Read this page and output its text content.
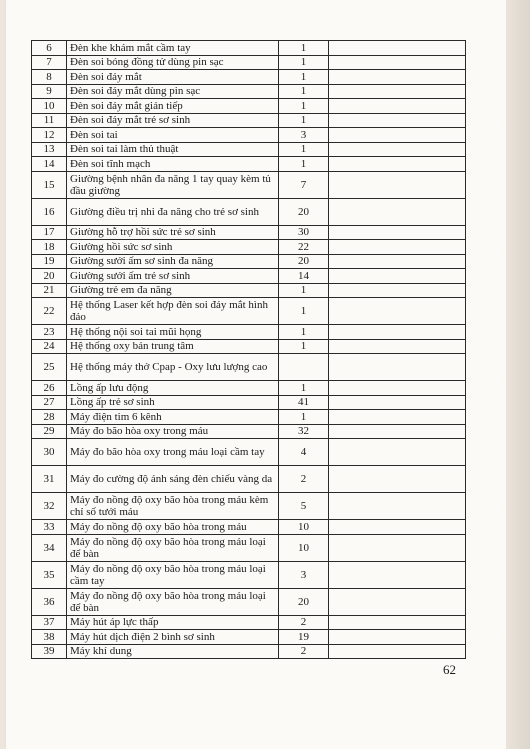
6	Đèn khe khám mắt cầm tay	1	
7	Đèn soi bóng đồng tử dùng pin sạc	1	
8	Đèn soi đáy mắt	1	
9	Đèn soi đáy mắt dùng pin sạc	1	
10	Đèn soi đáy mắt gián tiếp	1	
11	Đèn soi đáy mắt trẻ sơ sinh	1	
12	Đèn soi tai	3	
13	Đèn soi tai làm thủ thuật	1	
14	Đèn soi tĩnh mạch	1	
15	Giường bệnh nhân đa năng 1 tay quay kèm tủ đầu giường	7	
16	Giường điều trị nhi đa năng cho trẻ sơ sinh	20	
17	Giường hỗ trợ hồi sức trẻ sơ sinh	30	
18	Giường hồi sức sơ sinh	22	
19	Giường sưởi ấm sơ sinh đa năng	20	
20	Giường sưởi ấm trẻ sơ sinh	14	
21	Giường trẻ em đa năng	1	
22	Hệ thống Laser kết hợp đèn soi đáy mắt hình đảo	1	
23	Hệ thống nội soi tai mũi họng	1	
24	Hệ thống oxy bán trung tâm	1	
25	Hệ thống máy thở Cpap - Oxy lưu lượng cao		
26	Lồng ấp lưu động	1	
27	Lồng ấp trẻ sơ sinh	41	
28	Máy điện tim 6 kênh	1	
29	Máy đo bão hòa oxy trong máu	32	
30	Máy đo bão hòa oxy trong máu loại cầm tay	4	
31	Máy đo cường độ ánh sáng đèn chiếu vàng da	2	
32	Máy đo nồng độ oxy bão hòa trong máu kèm chỉ số tưới máu	5	
33	Máy đo nồng độ oxy bão hòa trong máu	10	
34	Máy đo nồng độ oxy bão hòa trong máu loại để bàn	10	
35	Máy đo nồng độ oxy bão hòa trong máu loại cầm tay	3	
36	Máy đo nồng độ oxy bão hòa trong máu loại để bàn	20	
37	Máy hút áp lực thấp	2	
38	Máy hút dịch điện 2 bình sơ sinh	19	
39	Máy khí dung	2	
62
